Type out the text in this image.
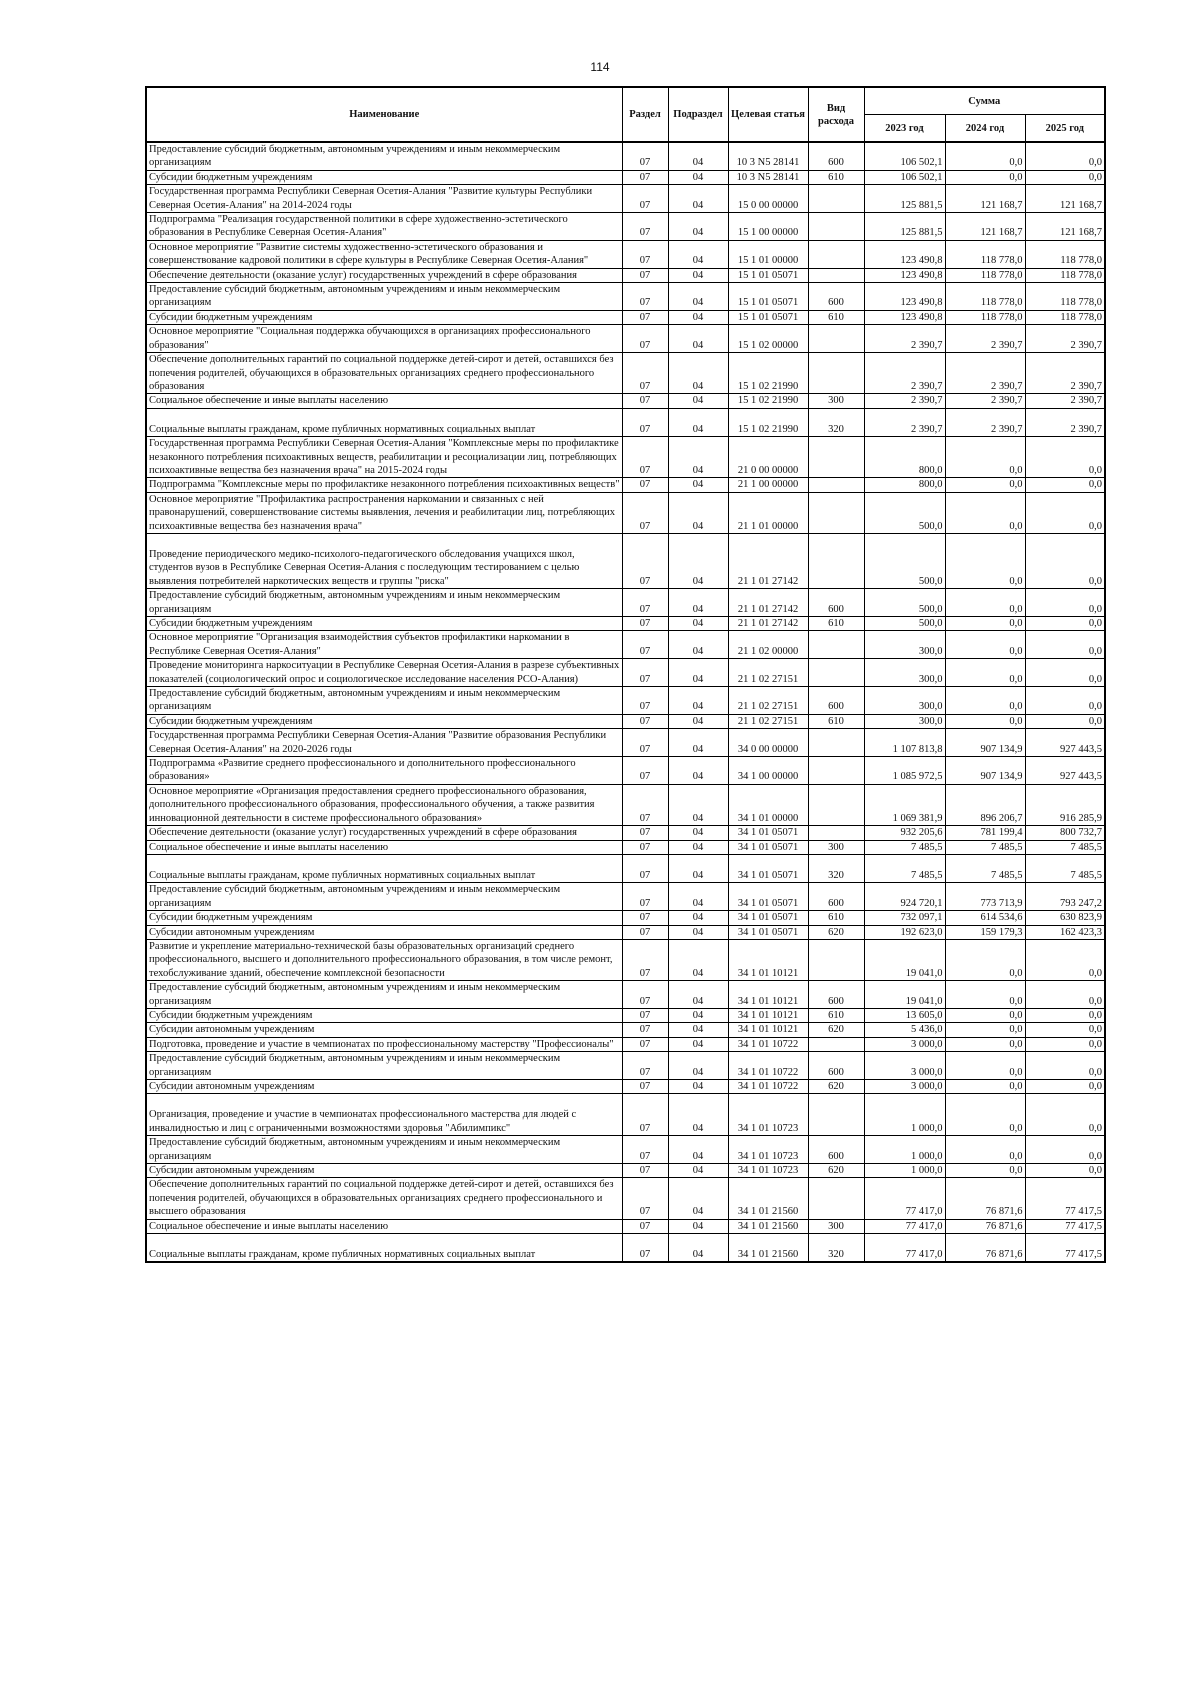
114
Наименование	Раздел	Подраздел	Целевая статья	Вид расхода	Сумма		
					2023 год	2024 год	2025 год
Предоставление субсидий бюджетным, автономным учреждениям и иным некоммерческим организациям	07	04	10 3 N5 28141	600	106 502,1	0,0	0,0
Субсидии бюджетным учреждениям	07	04	10 3 N5 28141	610	106 502,1	0,0	0,0
Государственная программа Республики Северная Осетия-Алания "Развитие культуры Республики Северная Осетия-Алания" на 2014-2024 годы	07	04	15 0 00 00000		125 881,5	121 168,7	121 168,7
Подпрограмма "Реализация государственной политики в сфере художественно-эстетического образования в Республике Северная Осетия-Алания"	07	04	15 1 00 00000		125 881,5	121 168,7	121 168,7
Основное мероприятие "Развитие системы художественно-эстетического образования и совершенствование кадровой политики в сфере культуры в Республике Северная Осетия-Алания"	07	04	15 1 01 00000		123 490,8	118 778,0	118 778,0
Обеспечение деятельности (оказание услуг) государственных учреждений в сфере образования	07	04	15 1 01 05071		123 490,8	118 778,0	118 778,0
Предоставление субсидий бюджетным, автономным учреждениям и иным некоммерческим организациям	07	04	15 1 01 05071	600	123 490,8	118 778,0	118 778,0
Субсидии бюджетным учреждениям	07	04	15 1 01 05071	610	123 490,8	118 778,0	118 778,0
Основное мероприятие "Социальная поддержка обучающихся в организациях профессионального образования"	07	04	15 1 02 00000		2 390,7	2 390,7	2 390,7
Обеспечение дополнительных гарантий по социальной поддержке детей-сирот и детей, оставшихся без попечения родителей, обучающихся в образовательных организациях среднего профессионального образования	07	04	15 1 02 21990		2 390,7	2 390,7	2 390,7
Социальное обеспечение и иные выплаты населению	07	04	15 1 02 21990	300	2 390,7	2 390,7	2 390,7
Социальные выплаты гражданам, кроме публичных нормативных социальных выплат	07	04	15 1 02 21990	320	2 390,7	2 390,7	2 390,7
Государственная программа Республики Северная Осетия-Алания "Комплексные меры по профилактике незаконного потребления психоактивных веществ, реабилитации и ресоциализации лиц, потребляющих психоактивные вещества без назначения врача" на 2015-2024 годы	07	04	21 0 00 00000		800,0	0,0	0,0
Подпрограмма "Комплексные меры по профилактике незаконного потребления психоактивных веществ"	07	04	21 1 00 00000		800,0	0,0	0,0
Основное мероприятие "Профилактика распространения наркомании и связанных с ней правонарушений, совершенствование системы выявления, лечения и реабилитации лиц, потребляющих психоактивные вещества без назначения врача"	07	04	21 1 01 00000		500,0	0,0	0,0
Проведение периодического медико-психолого-педагогического обследования учащихся школ, студентов вузов в Республике Северная Осетия-Алания с последующим тестированием с целью выявления потребителей наркотических веществ и группы "риска"	07	04	21 1 01 27142		500,0	0,0	0,0
Предоставление субсидий бюджетным, автономным учреждениям и иным некоммерческим организациям	07	04	21 1 01 27142	600	500,0	0,0	0,0
Субсидии бюджетным учреждениям	07	04	21 1 01 27142	610	500,0	0,0	0,0
Основное мероприятие "Организация взаимодействия субъектов профилактики наркомании в Республике Северная Осетия-Алания"	07	04	21 1 02 00000		300,0	0,0	0,0
Проведение мониторинга наркоситуации в Республике Северная Осетия-Алания в разрезе субъективных показателей (социологический опрос и социологическое исследование населения РСО-Алания)	07	04	21 1 02 27151		300,0	0,0	0,0
Предоставление субсидий бюджетным, автономным учреждениям и иным некоммерческим организациям	07	04	21 1 02 27151	600	300,0	0,0	0,0
Субсидии бюджетным учреждениям	07	04	21 1 02 27151	610	300,0	0,0	0,0
Государственная программа Республики Северная Осетия-Алания "Развитие образования Республики Северная Осетия-Алания" на 2020-2026 годы	07	04	34 0 00 00000		1 107 813,8	907 134,9	927 443,5
Подпрограмма «Развитие среднего профессионального и дополнительного профессионального образования»	07	04	34 1 00 00000		1 085 972,5	907 134,9	927 443,5
Основное мероприятие «Организация предоставления среднего профессионального образования, дополнительного профессионального образования, профессионального обучения, а также развития инновационной деятельности в системе профессионального образования»	07	04	34 1 01 00000		1 069 381,9	896 206,7	916 285,9
Обеспечение деятельности (оказание услуг) государственных учреждений в сфере образования	07	04	34 1 01 05071		932 205,6	781 199,4	800 732,7
Социальное обеспечение и иные выплаты населению	07	04	34 1 01 05071	300	7 485,5	7 485,5	7 485,5
Социальные выплаты гражданам, кроме публичных нормативных социальных выплат	07	04	34 1 01 05071	320	7 485,5	7 485,5	7 485,5
Предоставление субсидий бюджетным, автономным учреждениям и иным некоммерческим организациям	07	04	34 1 01 05071	600	924 720,1	773 713,9	793 247,2
Субсидии бюджетным учреждениям	07	04	34 1 01 05071	610	732 097,1	614 534,6	630 823,9
Субсидии автономным учреждениям	07	04	34 1 01 05071	620	192 623,0	159 179,3	162 423,3
Развитие и укрепление материально-технической базы образовательных организаций среднего профессионального, высшего и дополнительного профессионального образования, в том числе ремонт, техобслуживание зданий, обеспечение комплексной безопасности	07	04	34 1 01 10121		19 041,0	0,0	0,0
Предоставление субсидий бюджетным, автономным учреждениям и иным некоммерческим организациям	07	04	34 1 01 10121	600	19 041,0	0,0	0,0
Субсидии бюджетным учреждениям	07	04	34 1 01 10121	610	13 605,0	0,0	0,0
Субсидии автономным учреждениям	07	04	34 1 01 10121	620	5 436,0	0,0	0,0
Подготовка, проведение и участие в чемпионатах по профессиональному мастерству "Профессионалы"	07	04	34 1 01 10722		3 000,0	0,0	0,0
Предоставление субсидий бюджетным, автономным учреждениям и иным некоммерческим организациям	07	04	34 1 01 10722	600	3 000,0	0,0	0,0
Субсидии автономным учреждениям	07	04	34 1 01 10722	620	3 000,0	0,0	0,0
Организация, проведение и участие в чемпионатах профессионального мастерства для людей с инвалидностью и лиц с ограниченными возможностями здоровья "Абилимпикс"	07	04	34 1 01 10723		1 000,0	0,0	0,0
Предоставление субсидий бюджетным, автономным учреждениям и иным некоммерческим организациям	07	04	34 1 01 10723	600	1 000,0	0,0	0,0
Субсидии автономным учреждениям	07	04	34 1 01 10723	620	1 000,0	0,0	0,0
Обеспечение дополнительных гарантий по социальной поддержке детей-сирот и детей, оставшихся без попечения родителей, обучающихся в образовательных организациях среднего профессионального и высшего образования	07	04	34 1 01 21560		77 417,0	76 871,6	77 417,5
Социальное обеспечение и иные выплаты населению	07	04	34 1 01 21560	300	77 417,0	76 871,6	77 417,5
Социальные выплаты гражданам, кроме публичных нормативных социальных выплат	07	04	34 1 01 21560	320	77 417,0	76 871,6	77 417,5
